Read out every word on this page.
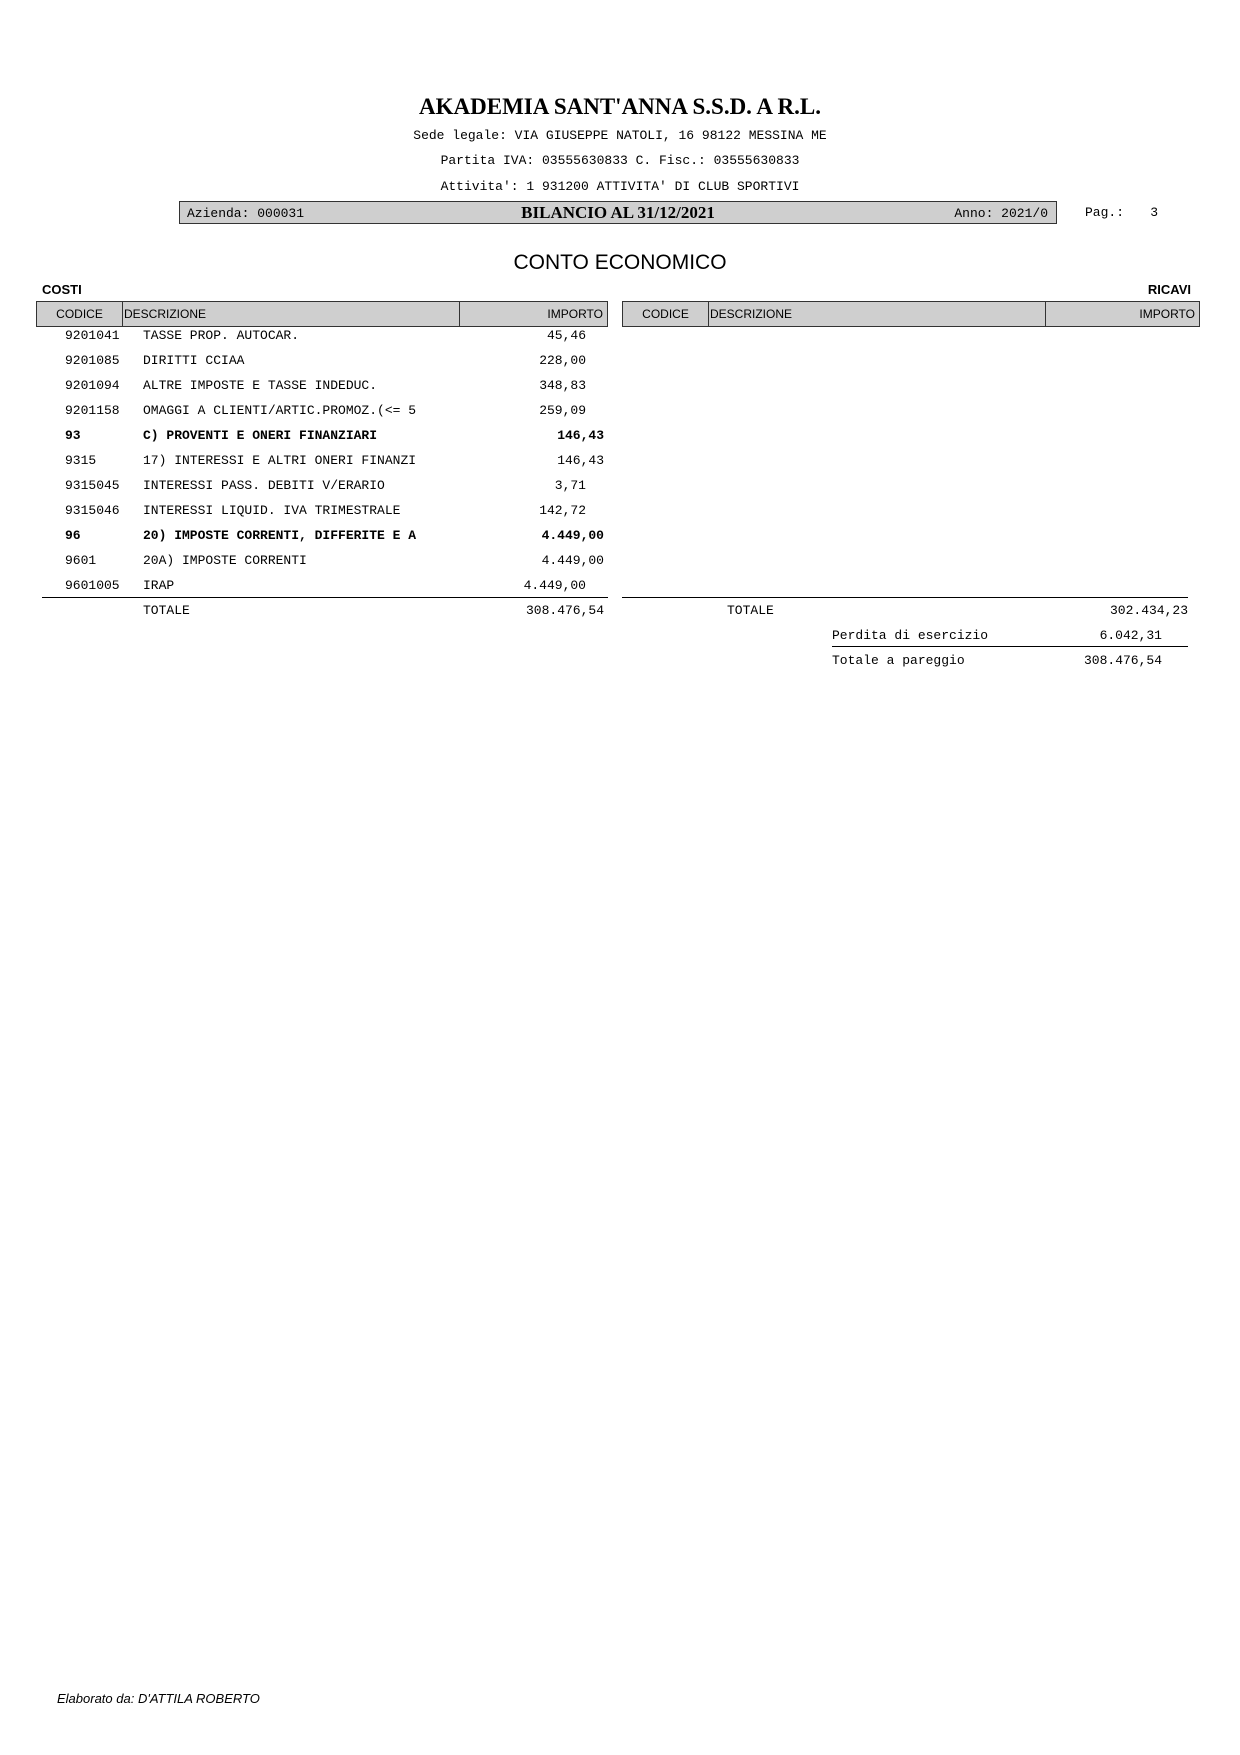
AKADEMIA SANT'ANNA S.S.D. A R.L.
Sede legale: VIA GIUSEPPE NATOLI, 16 98122 MESSINA ME
Partita IVA: 03555630833 C. Fisc.: 03555630833
Attivita': 1 931200 ATTIVITA' DI CLUB SPORTIVI
Azienda: 000031	BILANCIO AL 31/12/2021	Anno: 2021/0	Pag.: 3
CONTO ECONOMICO
COSTI	RICAVI
CODICE	DESCRIZIONE	IMPORTO	CODICE	DESCRIZIONE	IMPORTO
9201041 TASSE PROP. AUTOCAR.	45,46
9201085 DIRITTI CCIAA	228,00
9201094 ALTRE IMPOSTE E TASSE INDEDUC.	348,83
9201158 OMAGGI A CLIENTI/ARTIC.PROMOZ.(<= 5	259,09
93	C) PROVENTI E ONERI FINANZIARI	146,43
9315	17) INTERESSI E ALTRI ONERI FINANZI	146,43
9315045 INTERESSI PASS. DEBITI V/ERARIO	3,71
9315046 INTERESSI LIQUID. IVA TRIMESTRALE	142,72
96	20) IMPOSTE CORRENTI, DIFFERITE E A	4.449,00
9601	20A) IMPOSTE CORRENTI	4.449,00
9601005 IRAP	4.449,00
TOTALE	308.476,54	TOTALE	302.434,23
Perdita di esercizio	6.042,31
Totale a pareggio	308.476,54
Elaborato da: D'ATTILA ROBERTO
